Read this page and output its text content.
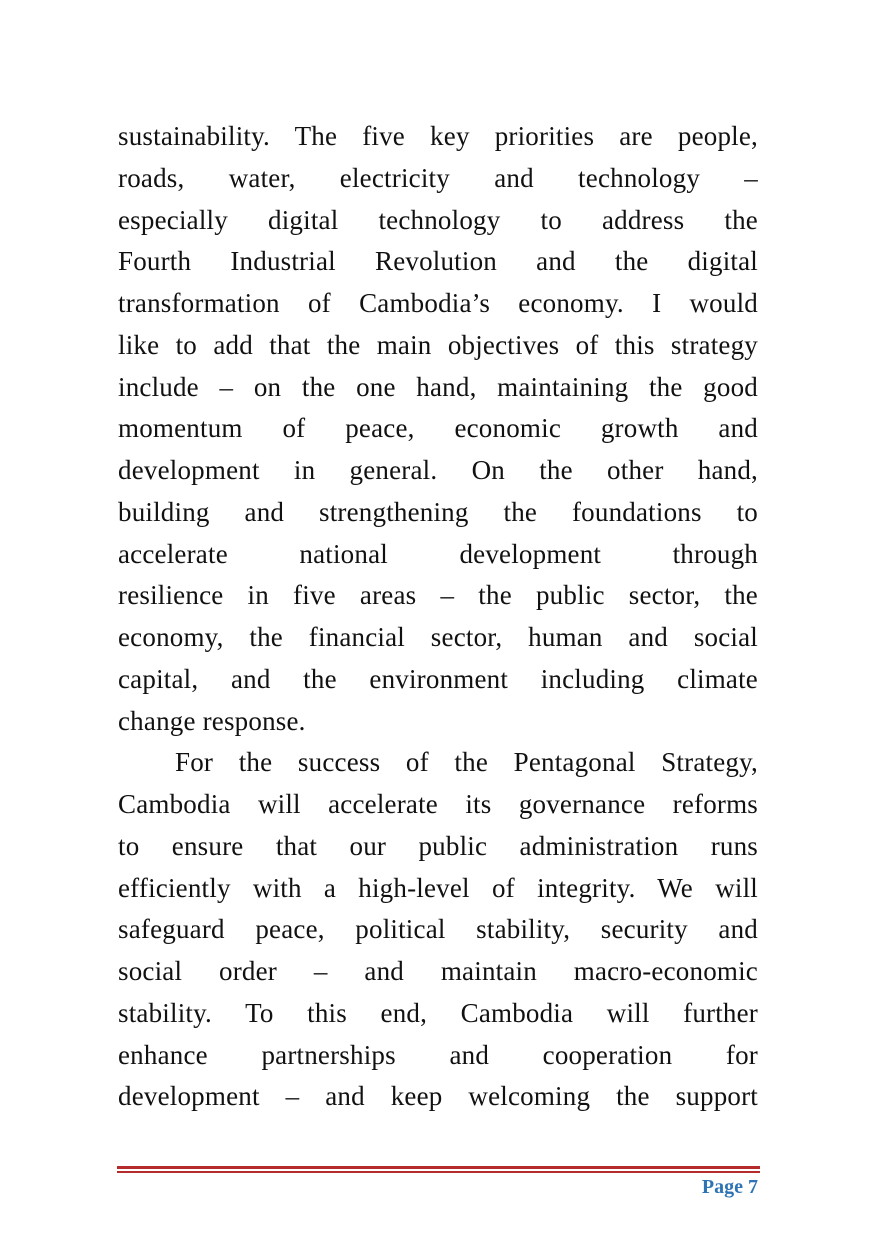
sustainability. The five key priorities are people,
roads, water, electricity and technology –
especially digital technology to address the
Fourth Industrial Revolution and the digital
transformation of Cambodia’s economy. I would
like to add that the main objectives of this strategy
include – on the one hand, maintaining the good
momentum of peace, economic growth and
development in general. On the other hand,
building and strengthening the foundations to
accelerate national development through
resilience in five areas – the public sector, the
economy, the financial sector, human and social
capital, and the environment including climate
change response.
For the success of the Pentagonal Strategy,
Cambodia will accelerate its governance reforms
to ensure that our public administration runs
efficiently with a high-level of integrity. We will
safeguard peace, political stability, security and
social order – and maintain macro-economic
stability. To this end, Cambodia will further
enhance partnerships and cooperation for
development – and keep welcoming the support
Page 7
